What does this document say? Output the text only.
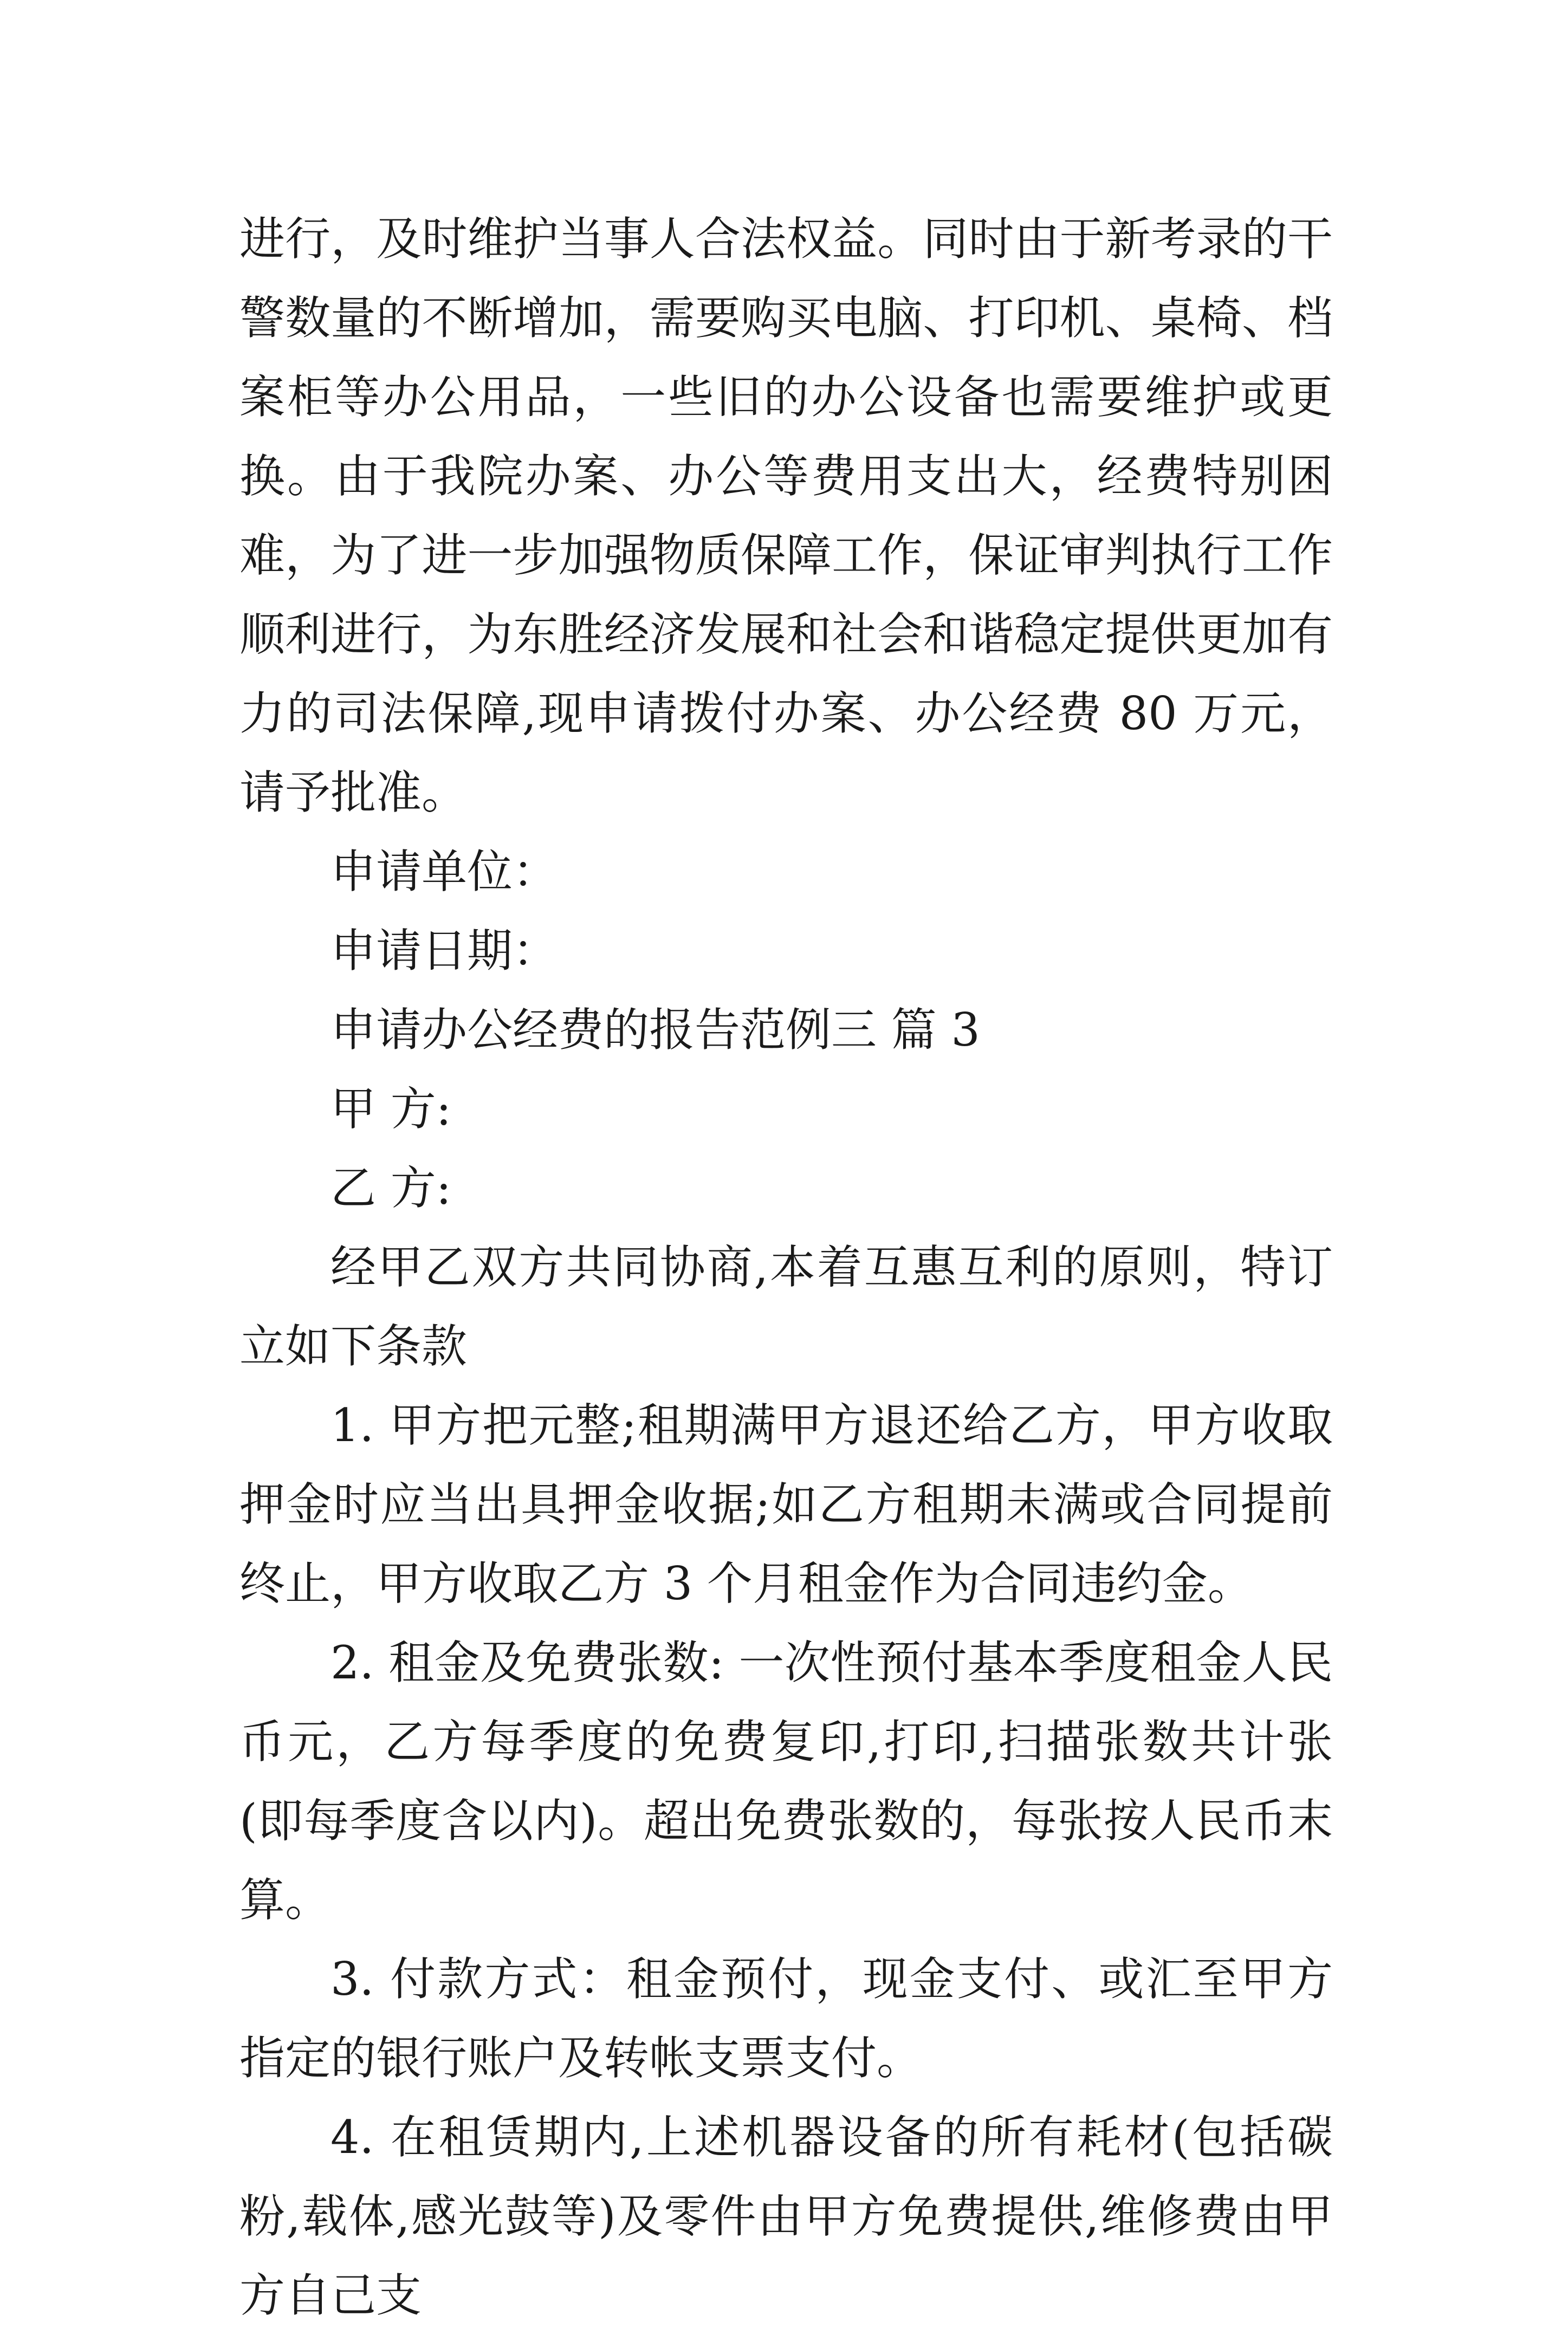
进行，及时维护当事人合法权益。同时由于新考录的干警数量的不断增加，需要购买电脑、打印机、桌椅、档案柜等办公用品，一些旧的办公设备也需要维护或更换。由于我院办案、办公等费用支出大，经费特别困难，为了进一步加强物质保障工作，保证审判执行工作顺利进行，为东胜经济发展和社会和谐稳定提供更加有力的司法保障,现申请拨付办案、办公经费 80 万元，请予批准。

申请单位：

申请日期：

申请办公经费的报告范例三 篇 3

甲 方:

乙 方:

经甲乙双方共同协商,本着互惠互利的原则，特订立如下条款

1. 甲方把元整;租期满甲方退还给乙方，甲方收取押金时应当出具押金收据;如乙方租期未满或合同提前终止，甲方收取乙方 3 个月租金作为合同违约金。

2. 租金及免费张数: 一次性预付基本季度租金人民币元，乙方每季度的免费复印,打印,扫描张数共计张(即每季度含以内)。超出免费张数的，每张按人民币末算。

3. 付款方式：租金预付，现金支付、或汇至甲方指定的银行账户及转帐支票支付。

4. 在租赁期内,上述机器设备的所有耗材(包括碳粉,载体,感光鼓等)及零件由甲方免费提供,维修费由甲方自己支
